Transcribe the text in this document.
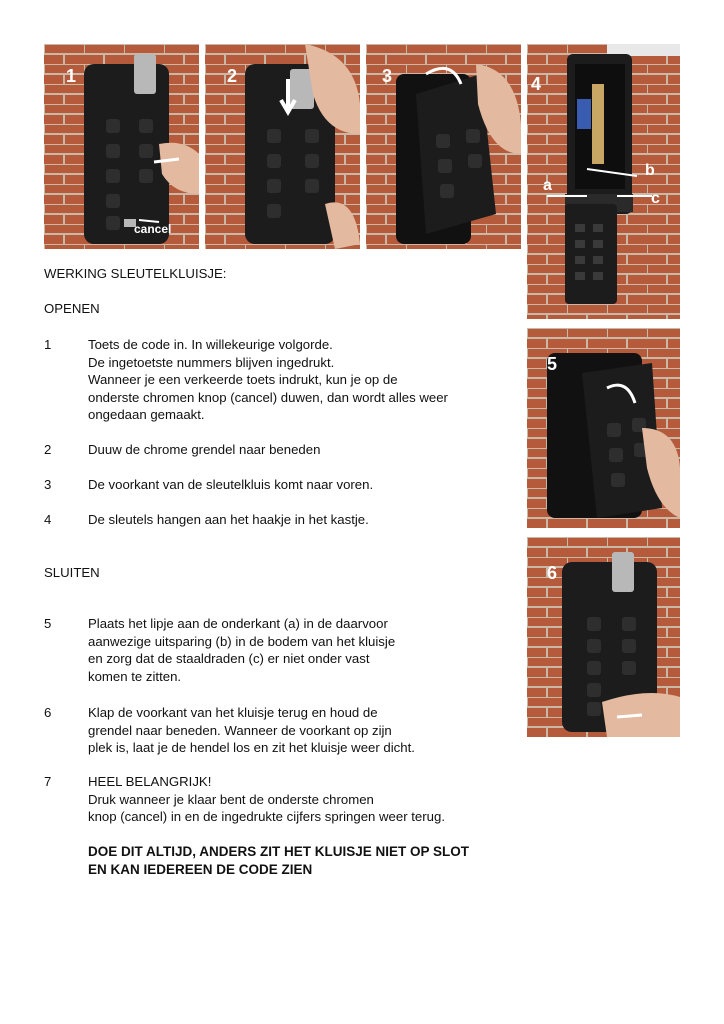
1
cancel
2	3	4
a
b
c
5
6
WERKING SLEUTELKLUISJE:
OPENEN
1	Toets de code in. In willekeurige volgorde.
De ingetoetste nummers blijven ingedrukt.
Wanneer je een verkeerde toets indrukt, kun je op de
onderste chromen knop (cancel) duwen, dan wordt alles weer
ongedaan gemaakt.
2	Duuw de chrome grendel naar beneden
3	De voorkant van de sleutelkluis komt naar voren.
4	De sleutels hangen aan het haakje in het kastje.
SLUITEN
5	Plaats het lipje aan de onderkant (a) in de daarvoor
aanwezige uitsparing (b) in de bodem van het kluisje
en zorg dat de staaldraden (c) er niet onder vast
komen te zitten.
6	Klap de voorkant van het kluisje terug en houd de
grendel naar beneden. Wanneer de voorkant op zijn
plek is, laat je de hendel los en zit het kluisje weer dicht.
7	HEEL BELANGRIJK!
Druk wanneer je klaar bent de onderste chromen
knop (cancel) in en de ingedrukte cijfers springen weer terug.
DOE DIT ALTIJD, ANDERS ZIT HET KLUISJE NIET OP SLOT
EN KAN IEDEREEN DE CODE ZIEN
